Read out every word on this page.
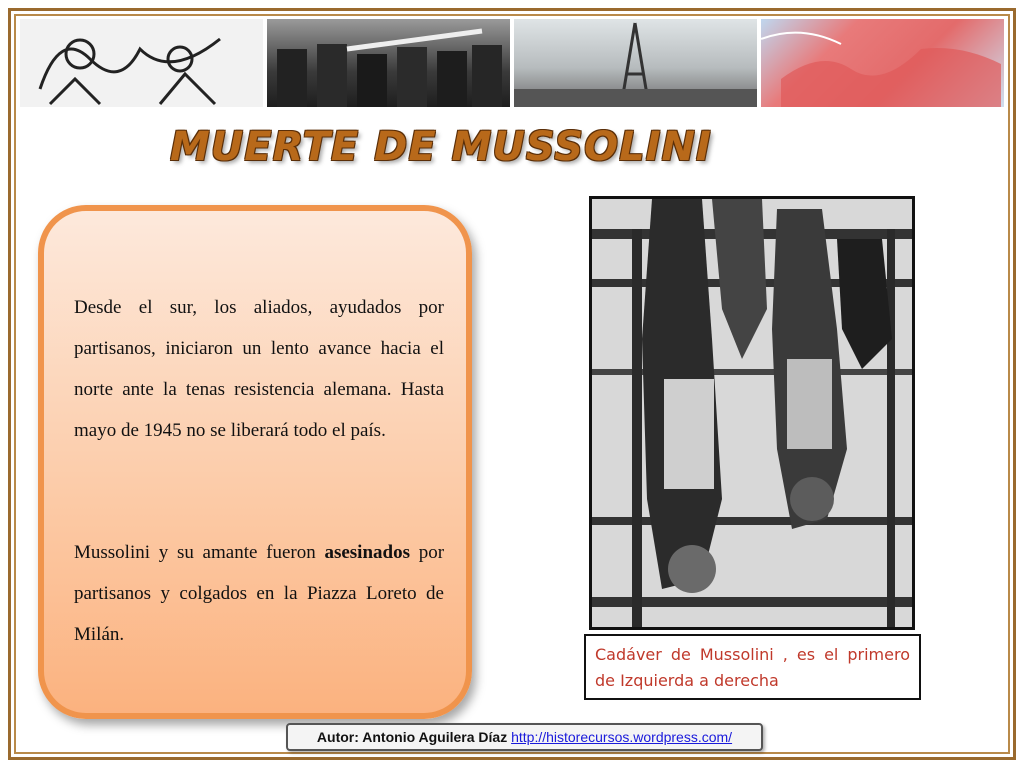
MUERTE DE MUSSOLINI

Desde el sur, los aliados, ayudados por partisanos, iniciaron un lento avance hacia el norte ante la tenas resistencia alemana. Hasta mayo de 1945 no se liberará todo el país.

Mussolini y su amante fueron asesinados por partisanos y colgados en la Piazza Loreto de Milán.

Cadáver de Mussolini , es el primero de Izquierda a derecha
Autor: Antonio Aguilera Díaz http://historecursos.wordpress.com/
